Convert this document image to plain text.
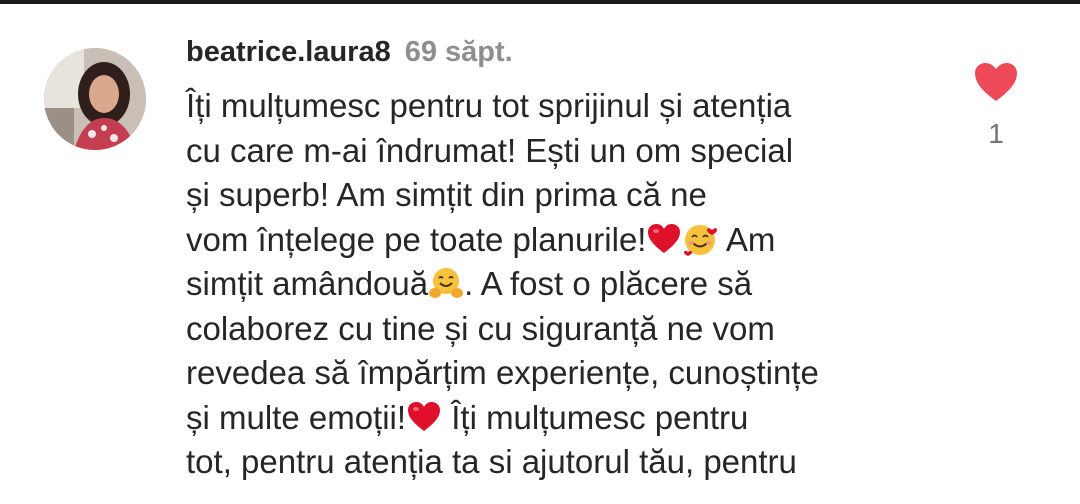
beatrice.laura8 69 săpt.
Îți mulțumesc pentru tot sprijinul și atenția
cu care m-ai îndrumat! Ești un om special
și superb! Am simțit din prima că ne
vom înțelege pe toate planurile!
Am
simțit amândouă . A fost o plăcere să
colaborez cu tine și cu siguranță ne vom
revedea să împărțim experiențe, cunoștințe
și multe emoții!
Îți mulțumesc pentru
tot, pentru atenția ta si ajutorul tău, pentru
1
